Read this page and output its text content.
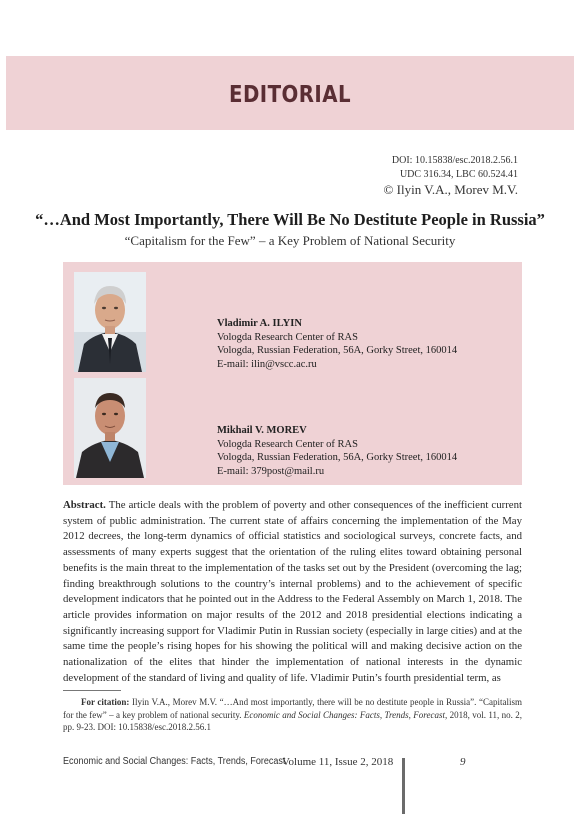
EDITORIAL
DOI: 10.15838/esc.2018.2.56.1
UDC 316.34, LBC 60.524.41
© Ilyin V.A., Morev M.V.
“…And Most Importantly, There Will Be No Destitute People in Russia”
“Capitalism for the Few” – a Key Problem of National Security
Vladimir A. ILYIN
Vologda Research Center of RAS
Vologda, Russian Federation, 56A, Gorky Street, 160014
E-mail: ilin@vscc.ac.ru
Mikhail V. MOREV
Vologda Research Center of RAS
Vologda, Russian Federation, 56A, Gorky Street, 160014
E-mail: 379post@mail.ru
Abstract. The article deals with the problem of poverty and other consequences of the inefficient current system of public administration. The current state of affairs concerning the implementation of the May 2012 decrees, the long-term dynamics of official statistics and sociological surveys, concrete facts, and assessments of many experts suggest that the orientation of the ruling elites toward obtaining personal benefits is the main threat to the implementation of the tasks set out by the President (overcoming the lag; finding breakthrough solutions to the country’s internal problems) and to the achievement of specific development indicators that he pointed out in the Address to the Federal Assembly on March 1, 2018. The article provides information on major results of the 2012 and 2018 presidential elections indicating a significantly increasing support for Vladimir Putin in Russian society (especially in large cities) and at the same time the people’s rising hopes for his showing the political will and making decisive action on the nationalization of the elites that hinder the implementation of national interests in the dynamic development of the standard of living and quality of life. Vladimir Putin’s fourth presidential term, as
For citation: Ilyin V.A., Morev M.V. “…And most importantly, there will be no destitute people in Russia”. “Capitalism for the few” – a key problem of national security. Economic and Social Changes: Facts, Trends, Forecast, 2018, vol. 11, no. 2, pp. 9-23. DOI: 10.15838/esc.2018.2.56.1
Economic and Social Changes: Facts, Trends, Forecast
Volume 11, Issue 2, 2018	9
